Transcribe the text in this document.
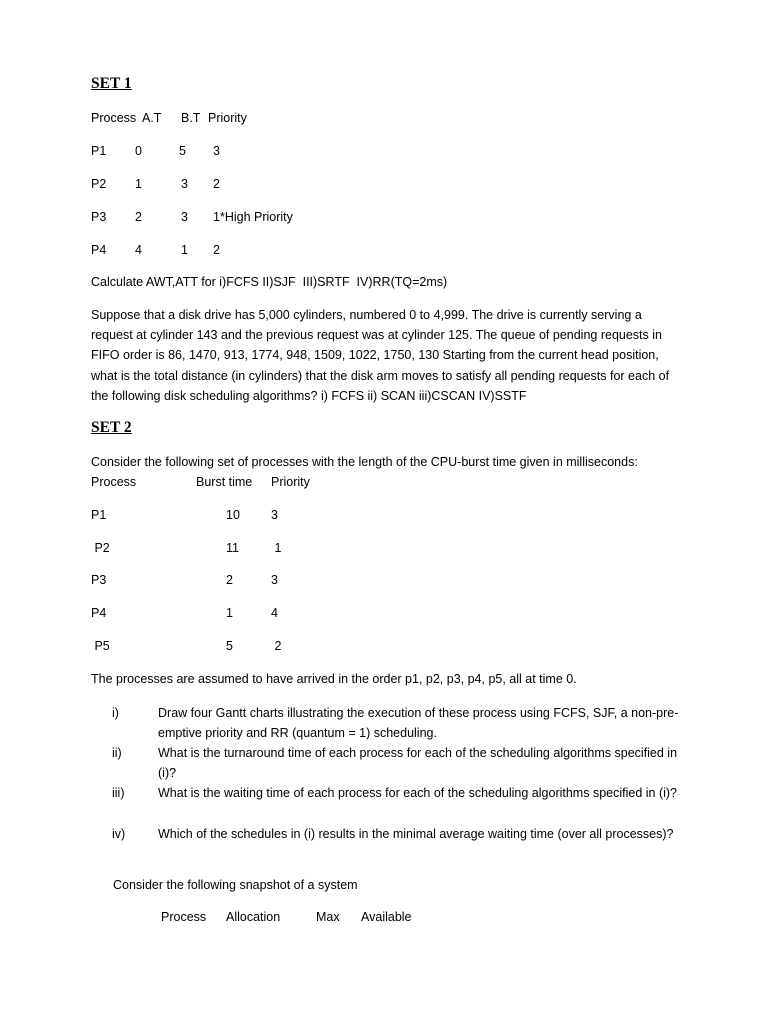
SET 1
Process A.T B.T Priority
P1 0	5 3
P2 1	3 2
P3 2	3 1*High Priority
P4 4	1 2
Calculate AWT,ATT for i)FCFS II)SJF  III)SRTF  IV)RR(TQ=2ms)
Suppose that a disk drive has 5,000 cylinders, numbered 0 to 4,999. The drive is currently serving a request at cylinder 143 and the previous request was at cylinder 125. The queue of pending requests in FIFO order is 86, 1470, 913, 1774, 948, 1509, 1022, 1750, 130 Starting from the current head position, what is the total distance (in cylinders) that the disk arm moves to satisfy all pending requests for each of the following disk scheduling algorithms? i) FCFS ii) SCAN iii)CSCAN IV)SSTF
SET 2
Consider the following set of processes with the length of the CPU-burst time given in milliseconds:
Process	Burst time Priority
P1	10 3
P2	11	1
P3	2	3
P4	1	4
P5	5	2
The processes are assumed to have arrived in the order p1, p2, p3, p4, p5, all at time 0.
i)	Draw four Gantt charts illustrating the execution of these process using FCFS, SJF, a non-pre-emptive priority and RR (quantum = 1) scheduling.
ii)	What is the turnaround time of each process for each of the scheduling algorithms specified in (i)?
iii)	What is the waiting time of each process for each of the scheduling algorithms specified in (i)?
iv)	Which of the schedules in (i) results in the minimal average waiting time (over all processes)?
Consider the following snapshot of a system
Process Allocation	Max Available
